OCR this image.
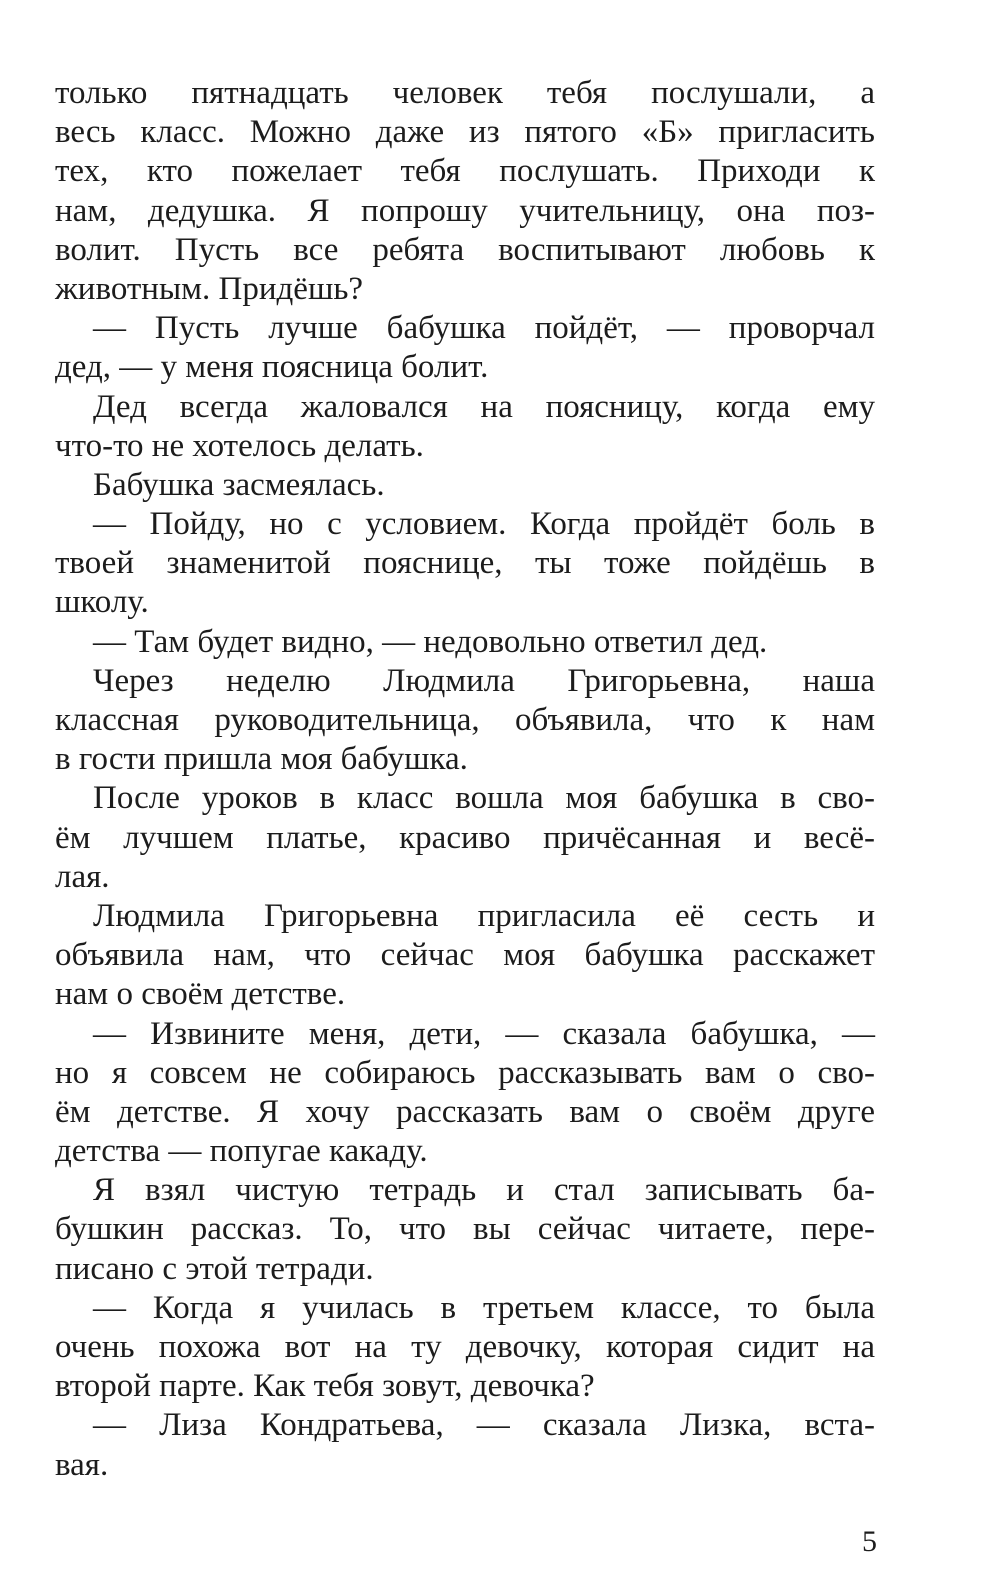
только пятнадцать человек тебя послушали, а
весь класс. Можно даже из пятого «Б» пригласить
тех, кто пожелает тебя послушать. Приходи к
нам, дедушка. Я попрошу учительницу, она поз-
волит. Пусть все ребята воспитывают любовь к
животным. Придёшь?
— Пусть лучше бабушка пойдёт, — проворчал
дед, — у меня поясница болит.
Дед всегда жаловался на поясницу, когда ему
что-то не хотелось делать.
Бабушка засмеялась.
— Пойду, но с условием. Когда пройдёт боль в
твоей знаменитой пояснице, ты тоже пойдёшь в
школу.
— Там будет видно, — недовольно ответил дед.
Через неделю Людмила Григорьевна, наша
классная руководительница, объявила, что к нам
в гости пришла моя бабушка.
После уроков в класс вошла моя бабушка в сво-
ём лучшем платье, красиво причёсанная и весё-
лая.
Людмила Григорьевна пригласила её сесть и
объявила нам, что сейчас моя бабушка расскажет
нам о своём детстве.
— Извините меня, дети, — сказала бабушка, —
но я совсем не собираюсь рассказывать вам о сво-
ём детстве. Я хочу рассказать вам о своём друге
детства — попугае какаду.
Я взял чистую тетрадь и стал записывать ба-
бушкин рассказ. То, что вы сейчас читаете, пере-
писано с этой тетради.
— Когда я училась в третьем классе, то была
очень похожа вот на ту девочку, которая сидит на
второй парте. Как тебя зовут, девочка?
— Лиза Кондратьева, — сказала Лизка, вста-
вая.
5
